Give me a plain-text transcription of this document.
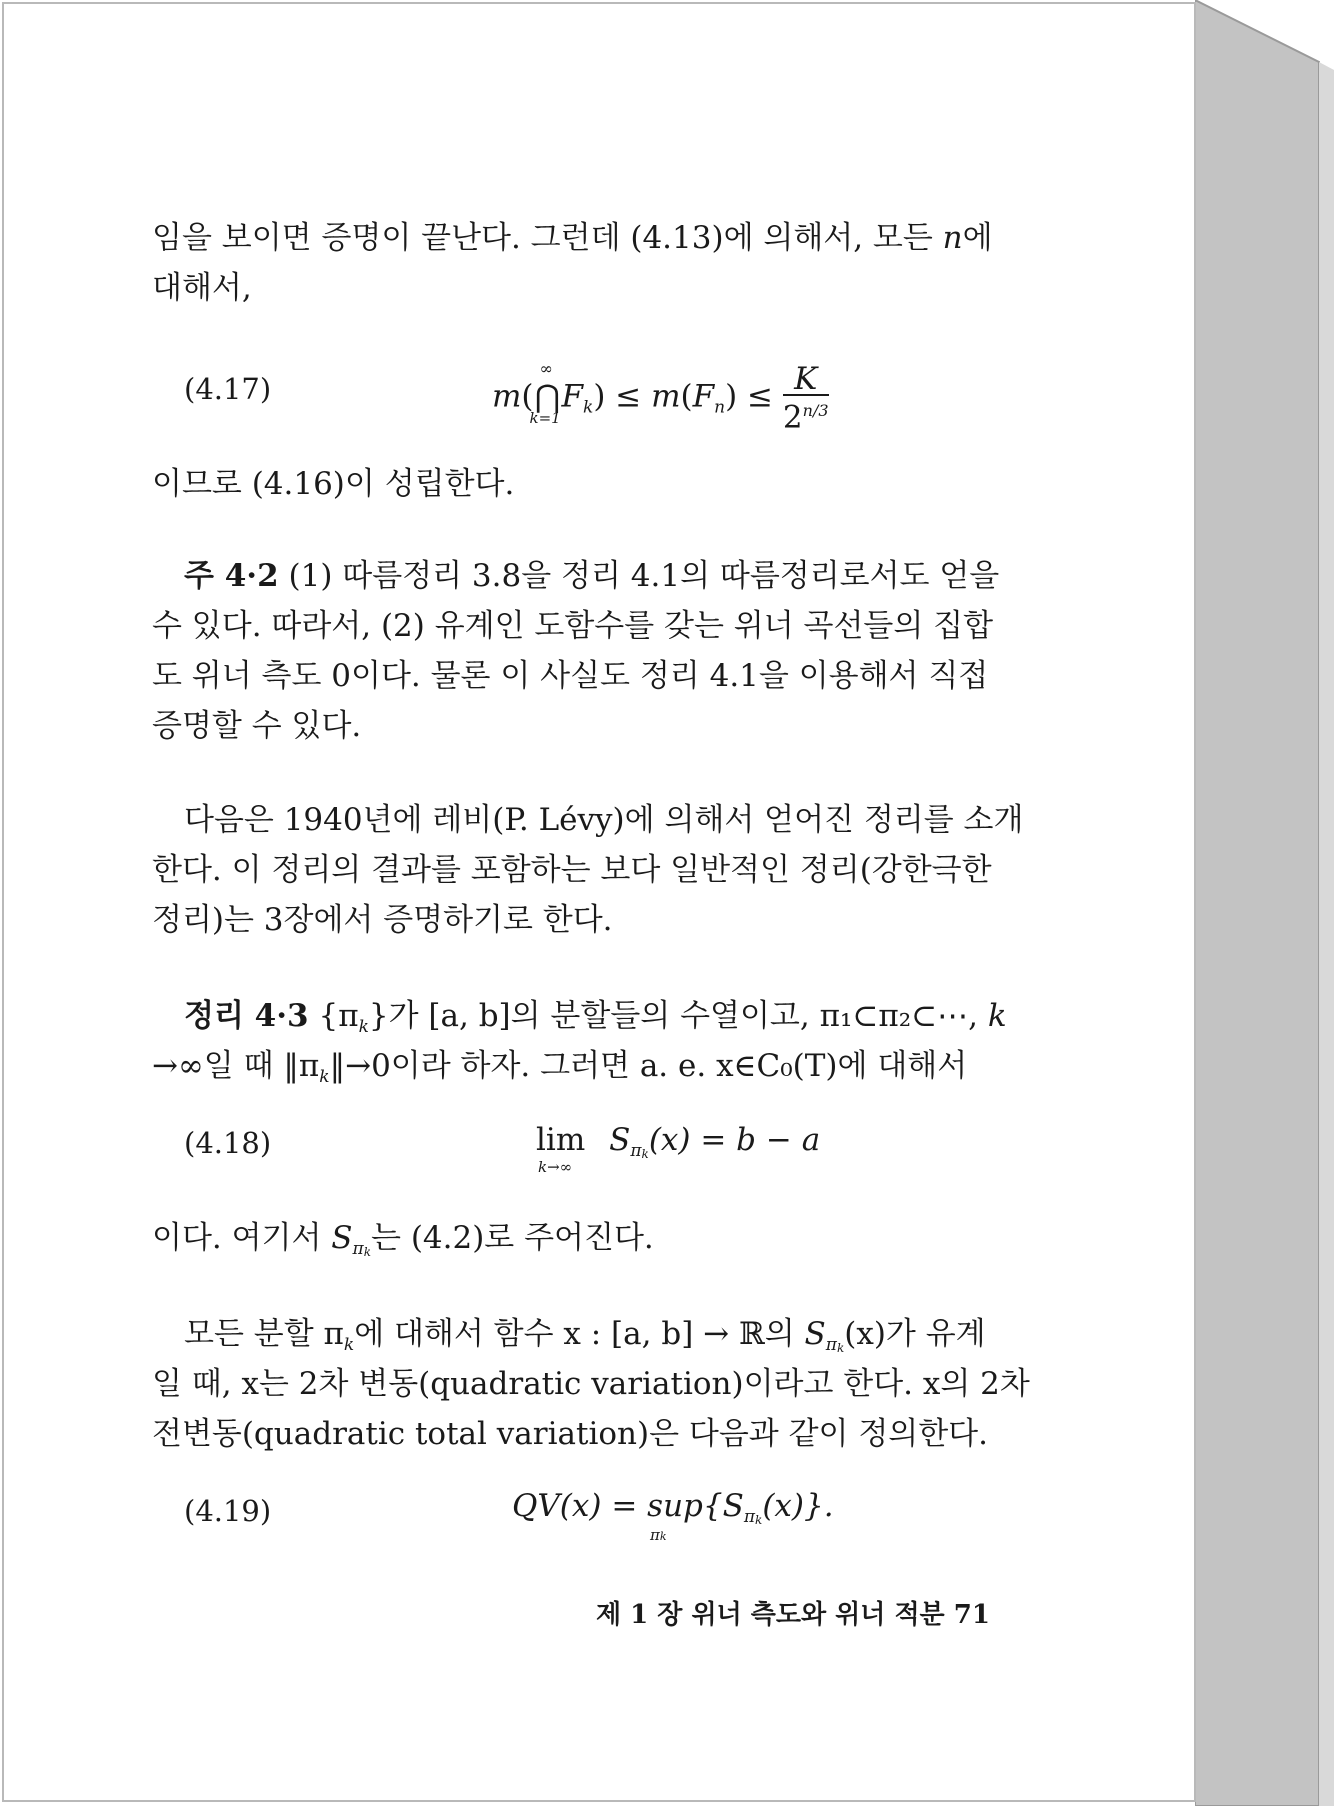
임을 보이면 증명이 끝난다. 그런데 (4.13)에 의해서, 모든 n에
대해서,
(4.17)	m(
∞
⋂
k=1
$F_k) \le m(F_n) \le \frac{K}{2^{n/3}}$
이므로 (4.16)이 성립한다.
주 4·2 (1) 따름정리 3.8을 정리 4.1의 따름정리로서도 얻을
수 있다. 따라서, (2) 유계인 도함수를 갖는 위너 곡선들의 집합
도 위너 측도 0이다. 물론 이 사실도 정리 4.1을 이용해서 직접
증명할 수 있다.
다음은 1940년에 레비(P. Lévy)에 의해서 얻어진 정리를 소개
한다. 이 정리의 결과를 포함하는 보다 일반적인 정리(강한극한
정리)는 3장에서 증명하기로 한다.
정리 4·3 $\{\pi_k\}$가 [a, b]의 분할들의 수열이고, π₁⊂π₂⊂⋯, k
→∞일 때 $‖\pi_k‖\to 0$이라 하자. 그러면 a. e. x∈C₀(T)에 대해서
(4.18)	lim
k→∞
$S_{\pi k}(x) = b - a$
이다. 여기서 $S_{\pi k}$는 (4.2)로 주어진다.
모든 분할 $\pi_k$에 대해서 함수 x : [a, b] → ℝ의 $S_{\pi k}(x)$가 유계
일 때, x는 2차 변동(quadratic variation)이라고 한다. x의 2차
전변동(quadratic total variation)은 다음과 같이 정의한다.
(4.19)	QV(x) = sup{
πk
$S_{\pi k}(x)$}.
제 1 장 위너 측도와 위너 적분 71
